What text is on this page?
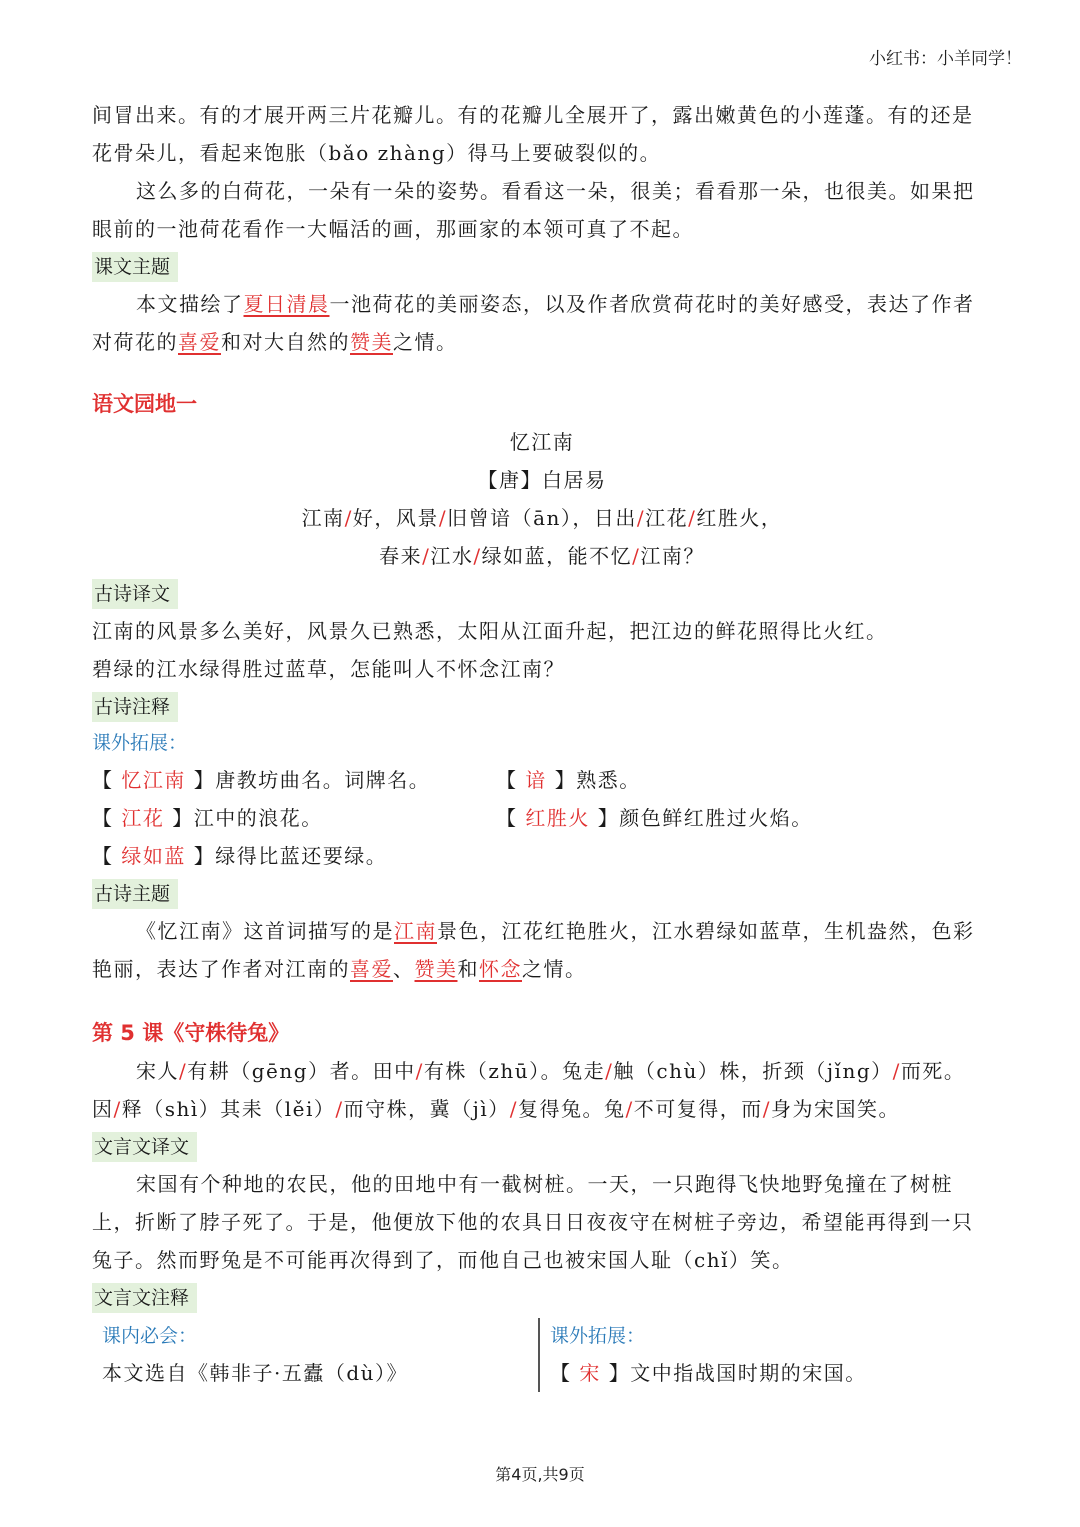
小红书：小羊同学！

间冒出来。有的才展开两三片花瓣儿。有的花瓣儿全展开了，露出嫩黄色的小莲蓬。有的还是花骨朵儿，看起来饱胀（bǎo zhàng）得马上要破裂似的。

这么多的白荷花，一朵有一朵的姿势。看看这一朵，很美；看看那一朵，也很美。如果把眼前的一池荷花看作一大幅活的画，那画家的本领可真了不起。

课文主题

本文描绘了夏日清晨一池荷花的美丽姿态，以及作者欣赏荷花时的美好感受，表达了作者对荷花的喜爱和对大自然的赞美之情。

语文园地一

忆江南

【唐】白居易

江南/好，风景/旧曾谙（ān），日出/江花/红胜火，

春来/江水/绿如蓝，能不忆/江南？

古诗译文

江南的风景多么美好，风景久已熟悉，太阳从江面升起，把江边的鲜花照得比火红。

碧绿的江水绿得胜过蓝草，怎能叫人不怀念江南？

古诗注释
课外拓展：
【 忆江南 】唐教坊曲名。词牌名。	【 谙 】熟悉。
【 江花 】江中的浪花。	【 红胜火 】颜色鲜红胜过火焰。
【 绿如蓝 】绿得比蓝还要绿。
古诗主题

《忆江南》这首词描写的是江南景色，江花红艳胜火，江水碧绿如蓝草，生机盎然，色彩艳丽，表达了作者对江南的喜爱、赞美和怀念之情。

第 5 课《守株待兔》

宋人/有耕（gēng）者。田中/有株（zhū）。兔走/触（chù）株，折颈（jǐng）/而死。因/释（shì）其耒（lěi）/而守株，冀（jì）/复得兔。兔/不可复得，而/身为宋国笑。

文言文译文

宋国有个种地的农民，他的田地中有一截树桩。一天，一只跑得飞快地野兔撞在了树桩上，折断了脖子死了。于是，他便放下他的农具日日夜夜守在树桩子旁边，希望能再得到一只兔子。然而野兔是不可能再次得到了，而他自己也被宋国人耻（chǐ）笑。

文言文注释
课内必会：
本文选自《韩非子·五蠹（dù）》
课外拓展：
【 宋 】文中指战国时期的宋国。
第4页,共9页
